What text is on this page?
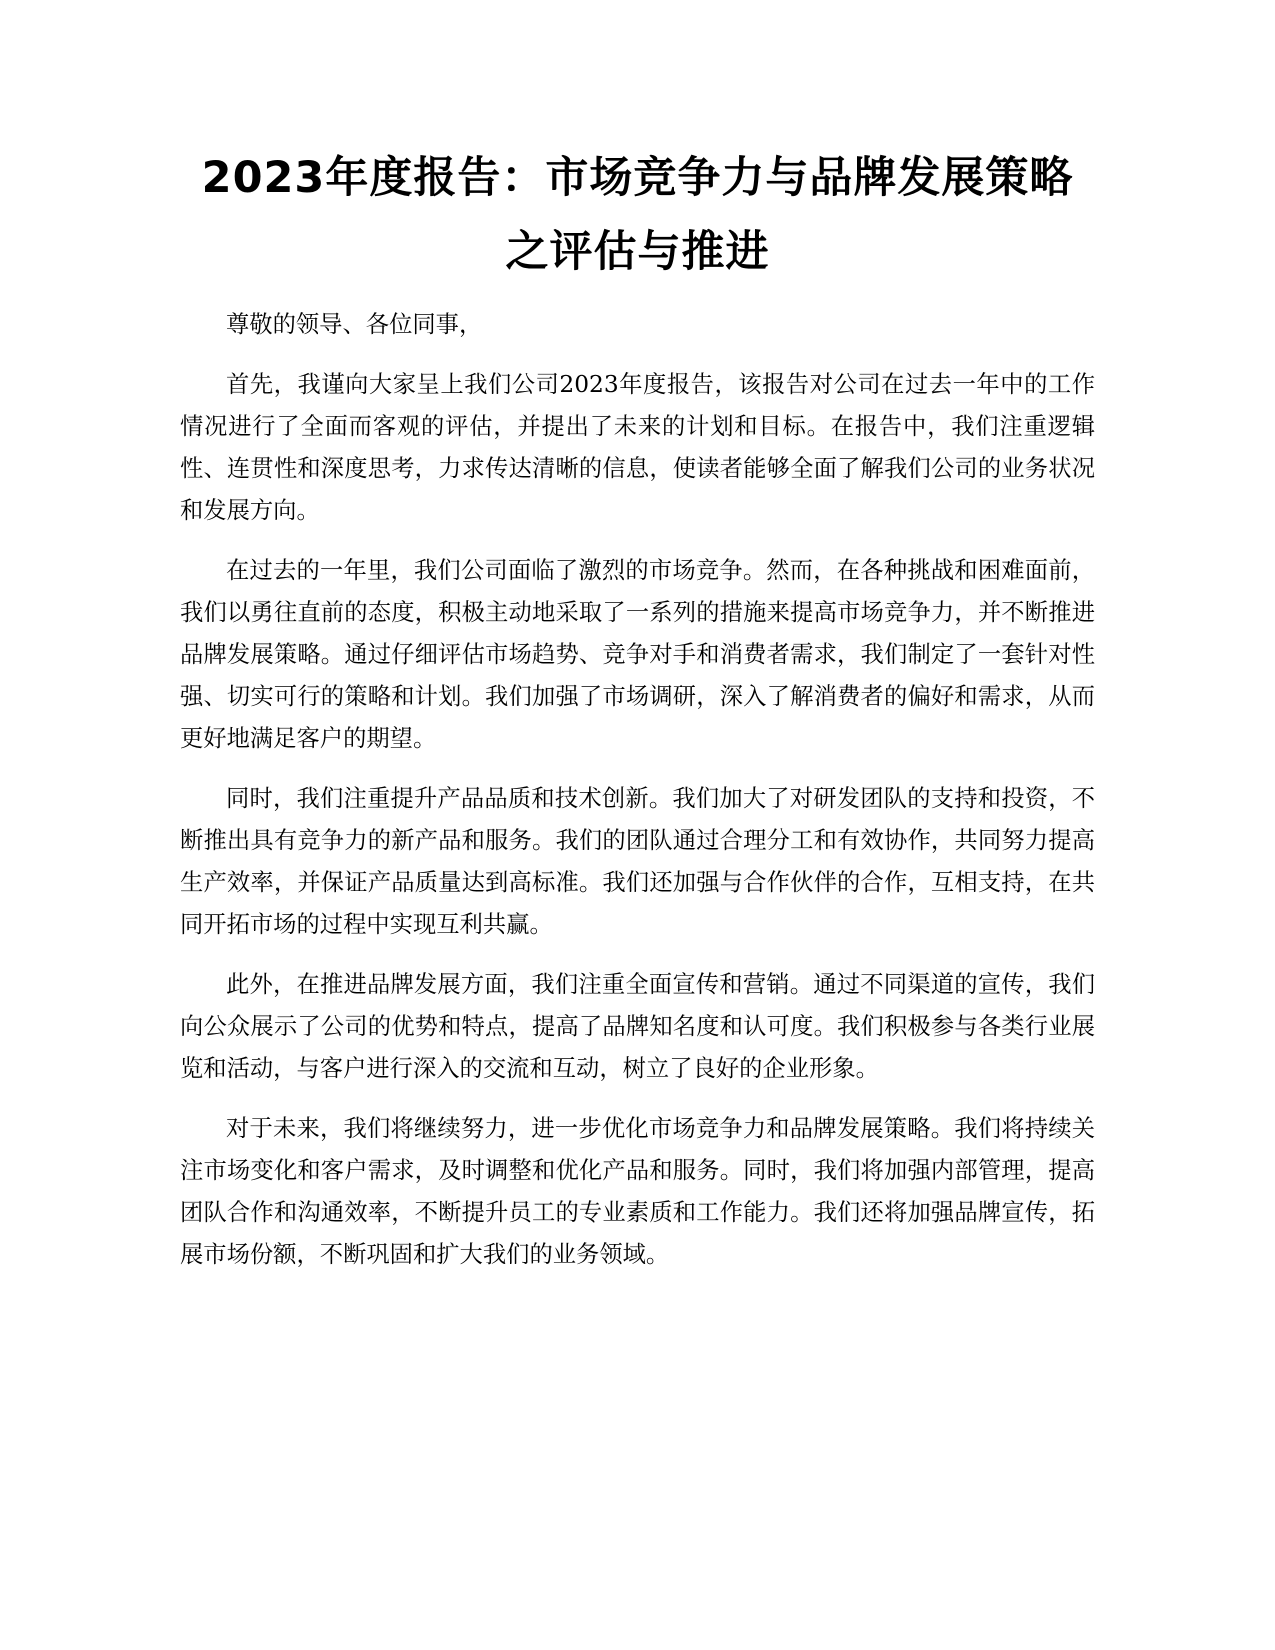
2023年度报告：市场竞争力与品牌发展策略
之评估与推进

尊敬的领导、各位同事，

首先，我谨向大家呈上我们公司2023年度报告，该报告对公司在过去一年中的工作情况进行了全面而客观的评估，并提出了未来的计划和目标。在报告中，我们注重逻辑性、连贯性和深度思考，力求传达清晰的信息，使读者能够全面了解我们公司的业务状况和发展方向。

在过去的一年里，我们公司面临了激烈的市场竞争。然而，在各种挑战和困难面前，我们以勇往直前的态度，积极主动地采取了一系列的措施来提高市场竞争力，并不断推进品牌发展策略。通过仔细评估市场趋势、竞争对手和消费者需求，我们制定了一套针对性强、切实可行的策略和计划。我们加强了市场调研，深入了解消费者的偏好和需求，从而更好地满足客户的期望。

同时，我们注重提升产品品质和技术创新。我们加大了对研发团队的支持和投资，不断推出具有竞争力的新产品和服务。我们的团队通过合理分工和有效协作，共同努力提高生产效率，并保证产品质量达到高标准。我们还加强与合作伙伴的合作，互相支持，在共同开拓市场的过程中实现互利共赢。

此外，在推进品牌发展方面，我们注重全面宣传和营销。通过不同渠道的宣传，我们向公众展示了公司的优势和特点，提高了品牌知名度和认可度。我们积极参与各类行业展览和活动，与客户进行深入的交流和互动，树立了良好的企业形象。

对于未来，我们将继续努力，进一步优化市场竞争力和品牌发展策略。我们将持续关注市场变化和客户需求，及时调整和优化产品和服务。同时，我们将加强内部管理，提高团队合作和沟通效率，不断提升员工的专业素质和工作能力。我们还将加强品牌宣传，拓展市场份额，不断巩固和扩大我们的业务领域。
